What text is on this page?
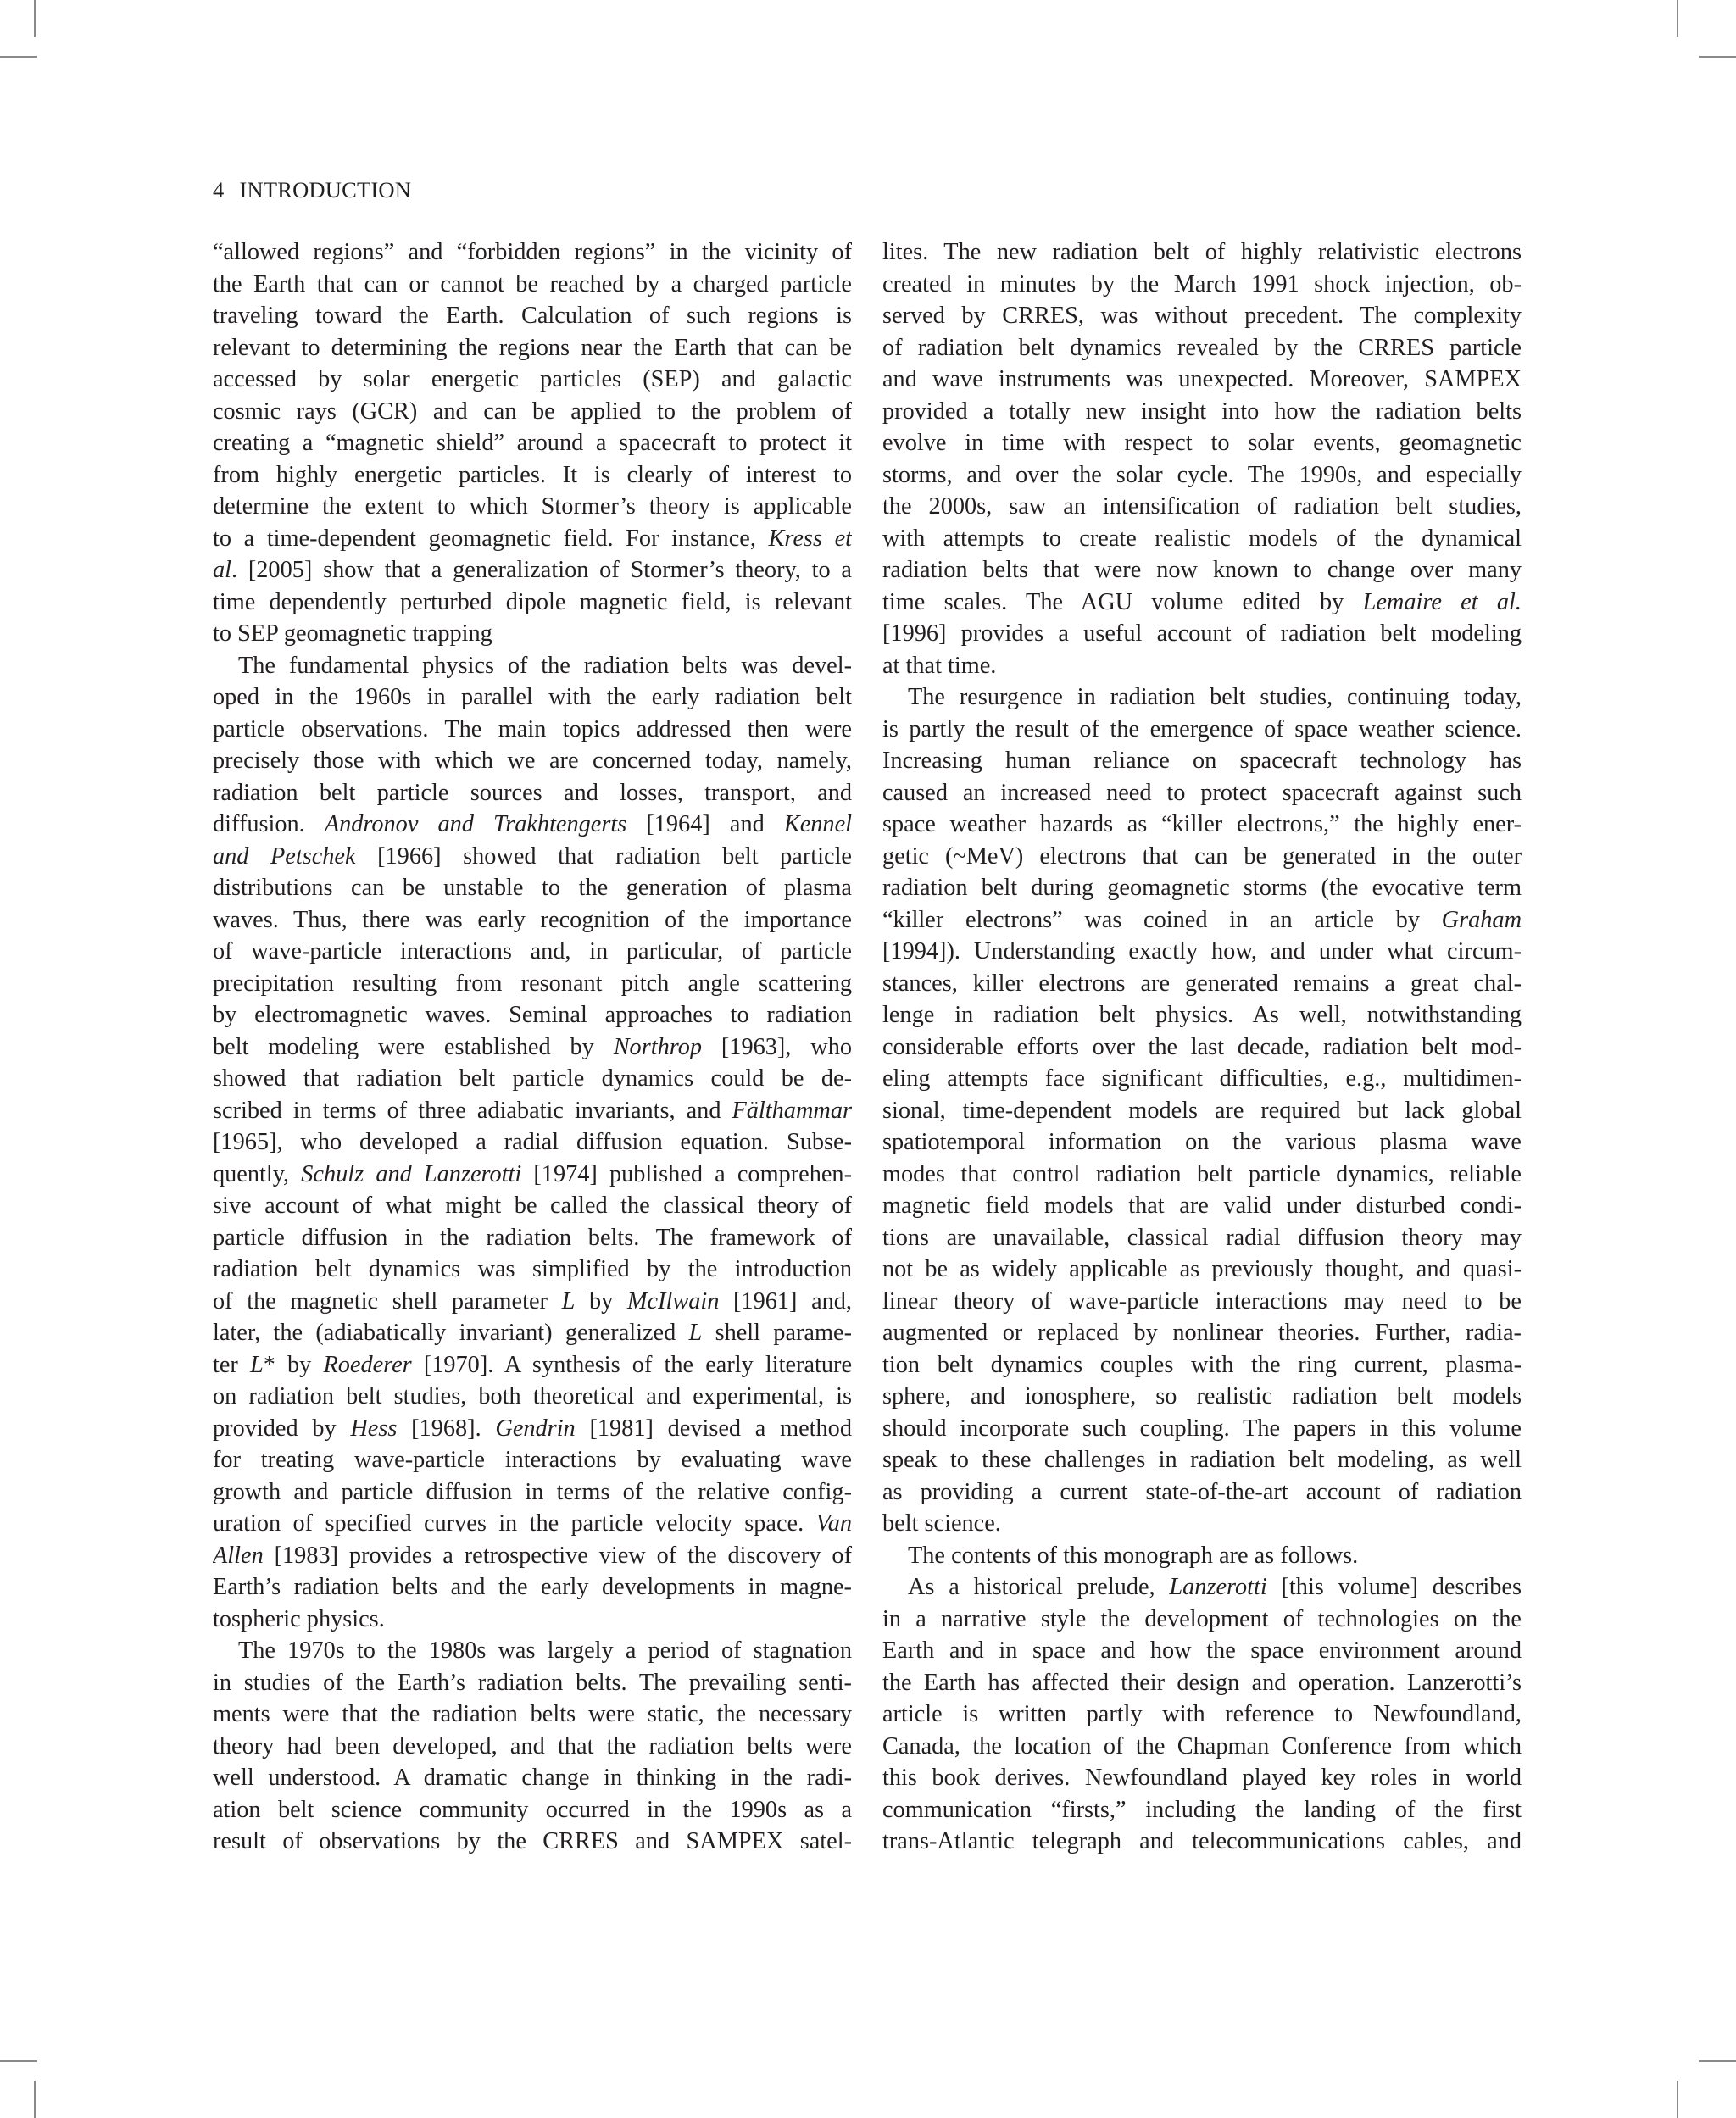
4 INTRODUCTION
“allowed regions” and “forbidden regions” in the vicinity of
the Earth that can or cannot be reached by a charged particle
traveling toward the Earth. Calculation of such regions is
relevant to determining the regions near the Earth that can be
accessed by solar energetic particles (SEP) and galactic
cosmic rays (GCR) and can be applied to the problem of
creating a “magnetic shield” around a spacecraft to protect it
from highly energetic particles. It is clearly of interest to
determine the extent to which Stormer’s theory is applicable
to a time-dependent geomagnetic field. For instance, Kress et
al. [2005] show that a generalization of Stormer’s theory, to a
time dependently perturbed dipole magnetic field, is relevant
to SEP geomagnetic trapping
The fundamental physics of the radiation belts was devel-
oped in the 1960s in parallel with the early radiation belt
particle observations. The main topics addressed then were
precisely those with which we are concerned today, namely,
radiation belt particle sources and losses, transport, and
diffusion. Andronov and Trakhtengerts [1964] and Kennel
and Petschek [1966] showed that radiation belt particle
distributions can be unstable to the generation of plasma
waves. Thus, there was early recognition of the importance
of wave-particle interactions and, in particular, of particle
precipitation resulting from resonant pitch angle scattering
by electromagnetic waves. Seminal approaches to radiation
belt modeling were established by Northrop [1963], who
showed that radiation belt particle dynamics could be de-
scribed in terms of three adiabatic invariants, and Fälthammar
[1965], who developed a radial diffusion equation. Subse-
quently, Schulz and Lanzerotti [1974] published a comprehen-
sive account of what might be called the classical theory of
particle diffusion in the radiation belts. The framework of
radiation belt dynamics was simplified by the introduction
of the magnetic shell parameter L by McIlwain [1961] and,
later, the (adiabatically invariant) generalized L shell parame-
ter L* by Roederer [1970]. A synthesis of the early literature
on radiation belt studies, both theoretical and experimental, is
provided by Hess [1968]. Gendrin [1981] devised a method
for treating wave-particle interactions by evaluating wave
growth and particle diffusion in terms of the relative config-
uration of specified curves in the particle velocity space. Van
Allen [1983] provides a retrospective view of the discovery of
Earth’s radiation belts and the early developments in magne-
tospheric physics.
The 1970s to the 1980s was largely a period of stagnation
in studies of the Earth’s radiation belts. The prevailing senti-
ments were that the radiation belts were static, the necessary
theory had been developed, and that the radiation belts were
well understood. A dramatic change in thinking in the radi-
ation belt science community occurred in the 1990s as a
result of observations by the CRRES and SAMPEX satel-
lites. The new radiation belt of highly relativistic electrons
created in minutes by the March 1991 shock injection, ob-
served by CRRES, was without precedent. The complexity
of radiation belt dynamics revealed by the CRRES particle
and wave instruments was unexpected. Moreover, SAMPEX
provided a totally new insight into how the radiation belts
evolve in time with respect to solar events, geomagnetic
storms, and over the solar cycle. The 1990s, and especially
the 2000s, saw an intensification of radiation belt studies,
with attempts to create realistic models of the dynamical
radiation belts that were now known to change over many
time scales. The AGU volume edited by Lemaire et al.
[1996] provides a useful account of radiation belt modeling
at that time.
The resurgence in radiation belt studies, continuing today,
is partly the result of the emergence of space weather science.
Increasing human reliance on spacecraft technology has
caused an increased need to protect spacecraft against such
space weather hazards as “killer electrons,” the highly ener-
getic (~MeV) electrons that can be generated in the outer
radiation belt during geomagnetic storms (the evocative term
“killer electrons” was coined in an article by Graham
[1994]). Understanding exactly how, and under what circum-
stances, killer electrons are generated remains a great chal-
lenge in radiation belt physics. As well, notwithstanding
considerable efforts over the last decade, radiation belt mod-
eling attempts face significant difficulties, e.g., multidimen-
sional, time-dependent models are required but lack global
spatiotemporal information on the various plasma wave
modes that control radiation belt particle dynamics, reliable
magnetic field models that are valid under disturbed condi-
tions are unavailable, classical radial diffusion theory may
not be as widely applicable as previously thought, and quasi-
linear theory of wave-particle interactions may need to be
augmented or replaced by nonlinear theories. Further, radia-
tion belt dynamics couples with the ring current, plasma-
sphere, and ionosphere, so realistic radiation belt models
should incorporate such coupling. The papers in this volume
speak to these challenges in radiation belt modeling, as well
as providing a current state-of-the-art account of radiation
belt science.
The contents of this monograph are as follows.
As a historical prelude, Lanzerotti [this volume] describes
in a narrative style the development of technologies on the
Earth and in space and how the space environment around
the Earth has affected their design and operation. Lanzerotti’s
article is written partly with reference to Newfoundland,
Canada, the location of the Chapman Conference from which
this book derives. Newfoundland played key roles in world
communication “firsts,” including the landing of the first
trans-Atlantic telegraph and telecommunications cables, and
